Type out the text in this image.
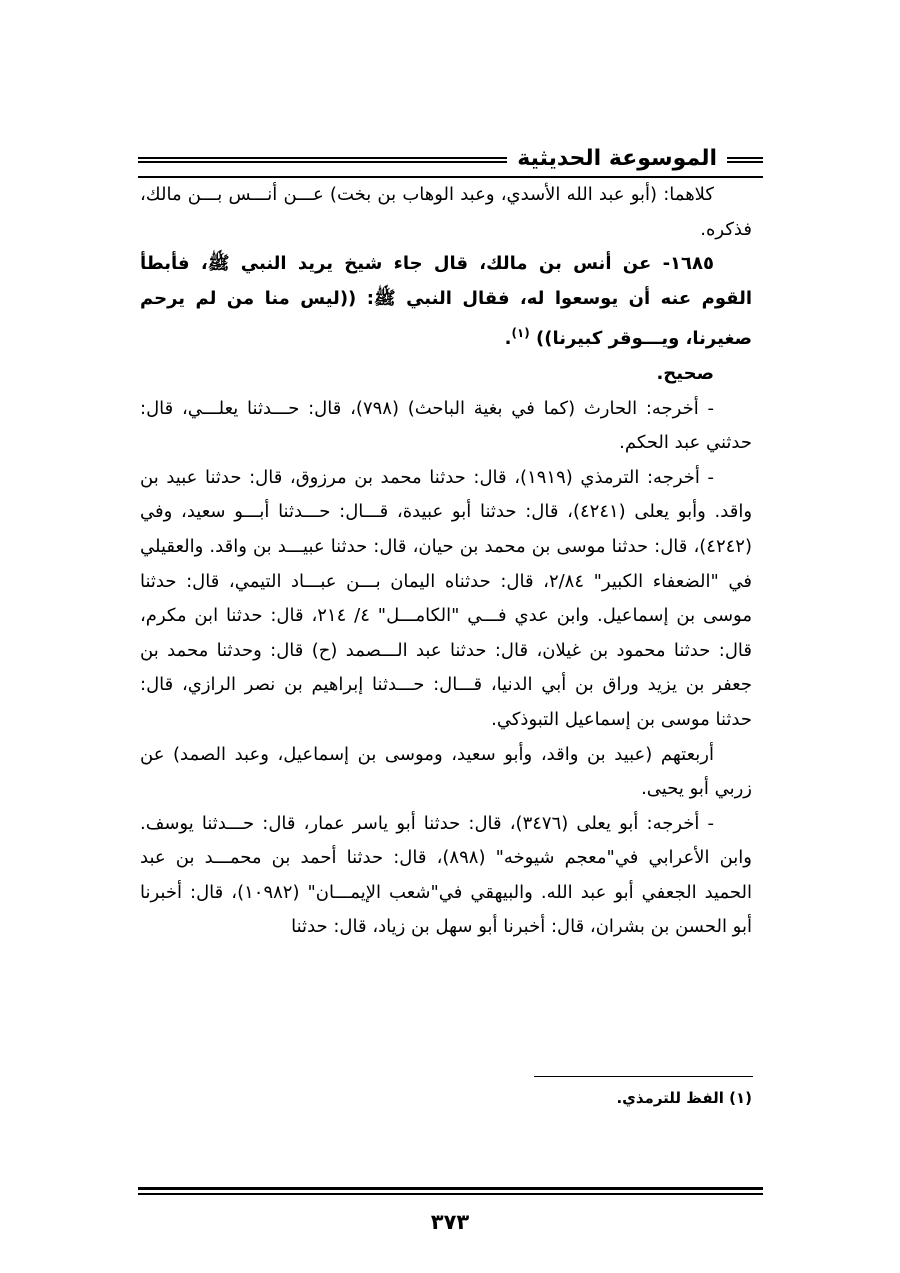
الموسوعة الحديثية

كلاهما: (أبو عبد الله الأسدي، وعبد الوهاب بن بخت) عـــن أنـــس بـــن مالك، فذكره.

١٦٨٥- عن أنس بن مالك، قال جاء شيخ يريد النبي ﷺ، فأبطأ القوم عنه أن يوسعوا له، فقال النبي ﷺ: ((ليس منا من لم يرحم صغيرنا، ويـــوقر كبيرنا)) $^{(١)}$.

صحيح.

- أخرجه: الحارث (كما في بغية الباحث) (٧٩٨)، قال: حـــدثنا يعلـــي، قال: حدثني عبد الحكم.

- أخرجه: الترمذي (١٩١٩)، قال: حدثنا محمد بن مرزوق، قال: حدثنا عبيد بن واقد. وأبو يعلى (٤٢٤١)، قال: حدثنا أبو عبيدة، قـــال: حـــدثنا أبـــو سعيد، وفي (٤٢٤٢)، قال: حدثنا موسى بن محمد بن حيان، قال: حدثنا عبيـــد بن واقد. والعقيلي في "الضعفاء الكبير" ٢/٨٤، قال: حدثناه اليمان بـــن عبـــاد التيمي، قال: حدثنا موسى بن إسماعيل. وابن عدي فـــي "الكامـــل" ٤/ ٢١٤، قال: حدثنا ابن مكرم، قال: حدثنا محمود بن غيلان، قال: حدثنا عبد الـــصمد (ح) قال: وحدثنا محمد بن جعفر بن يزيد وراق بن أبي الدنيا، قـــال: حـــدثنا إبراهيم بن نصر الرازي، قال: حدثنا موسى بن إسماعيل التبوذكي.

أربعتهم (عبيد بن واقد، وأبو سعيد، وموسى بن إسماعيل، وعبد الصمد) عن زربي أبو يحيى.

- أخرجه: أبو يعلى (٣٤٧٦)، قال: حدثنا أبو ياسر عمار، قال: حـــدثنا يوسف. وابن الأعرابي في"معجم شيوخه" (٨٩٨)، قال: حدثنا أحمد بن محمـــد بن عبد الحميد الجعفي أبو عبد الله. والبيهقي في"شعب الإيمـــان" (١٠٩٨٢)، قال: أخبرنا أبو الحسن بن بشران، قال: أخبرنا أبو سهل بن زياد، قال: حدثنا

(١) الفظ للترمذي.
٣٧٣
